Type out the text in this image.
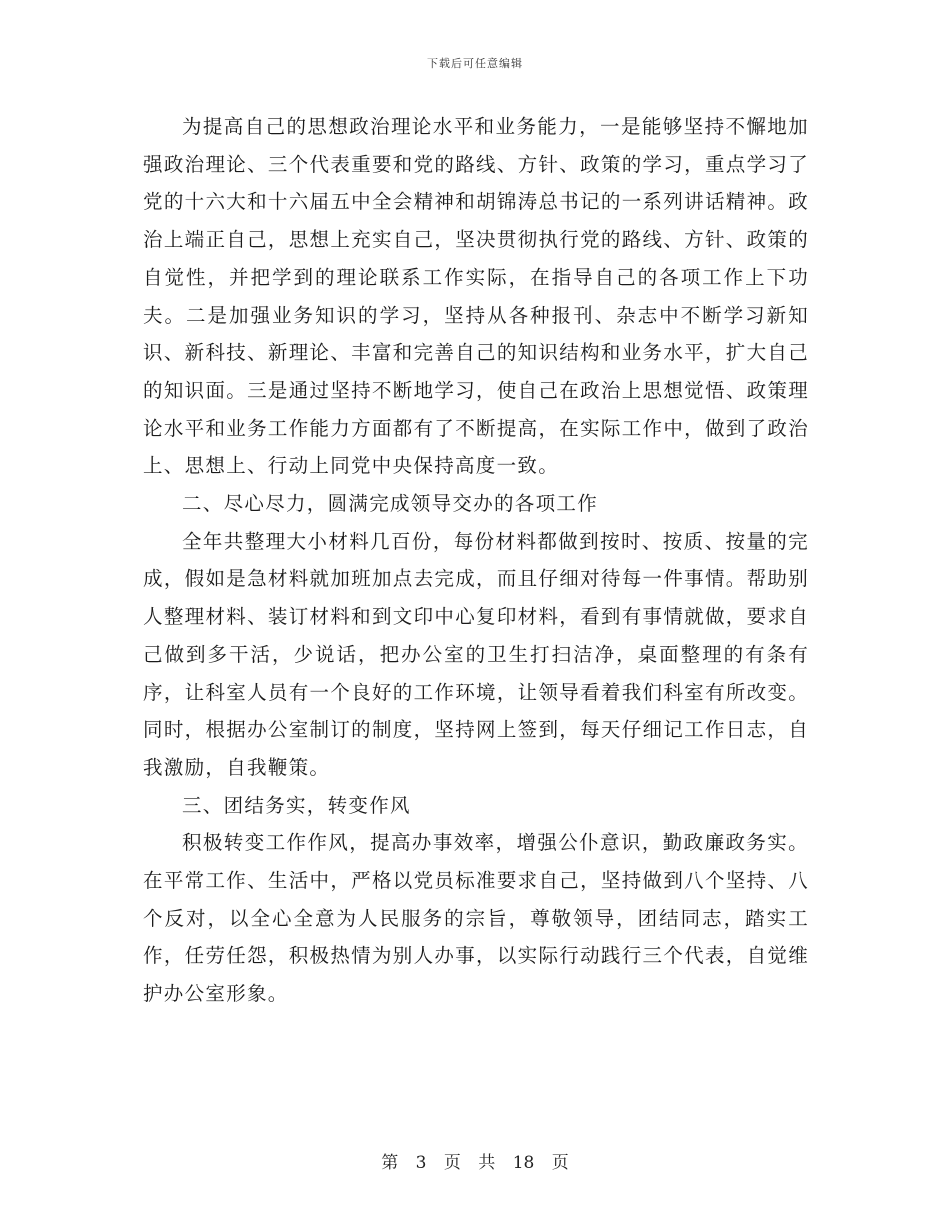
下载后可任意编辑

为提高自己的思想政治理论水平和业务能力，一是能够坚持不懈地加强政治理论、三个代表重要和党的路线、方针、政策的学习，重点学习了党的十六大和十六届五中全会精神和胡锦涛总书记的一系列讲话精神。政治上端正自己，思想上充实自己，坚决贯彻执行党的路线、方针、政策的自觉性，并把学到的理论联系工作实际，在指导自己的各项工作上下功夫。二是加强业务知识的学习，坚持从各种报刊、杂志中不断学习新知识、新科技、新理论、丰富和完善自己的知识结构和业务水平，扩大自己的知识面。三是通过坚持不断地学习，使自己在政治上思想觉悟、政策理论水平和业务工作能力方面都有了不断提高，在实际工作中，做到了政治上、思想上、行动上同党中央保持高度一致。

二、尽心尽力，圆满完成领导交办的各项工作

全年共整理大小材料几百份，每份材料都做到按时、按质、按量的完成，假如是急材料就加班加点去完成，而且仔细对待每一件事情。帮助别人整理材料、装订材料和到文印中心复印材料，看到有事情就做，要求自己做到多干活，少说话，把办公室的卫生打扫洁净，桌面整理的有条有序，让科室人员有一个良好的工作环境，让领导看着我们科室有所改变。同时，根据办公室制订的制度，坚持网上签到，每天仔细记工作日志，自我激励，自我鞭策。

三、团结务实，转变作风

积极转变工作作风，提高办事效率，增强公仆意识，勤政廉政务实。在平常工作、生活中，严格以党员标准要求自己，坚持做到八个坚持、八个反对，以全心全意为人民服务的宗旨，尊敬领导，团结同志，踏实工作，任劳任怨，积极热情为别人办事，以实际行动践行三个代表，自觉维护办公室形象。

第 3 页 共 18 页
